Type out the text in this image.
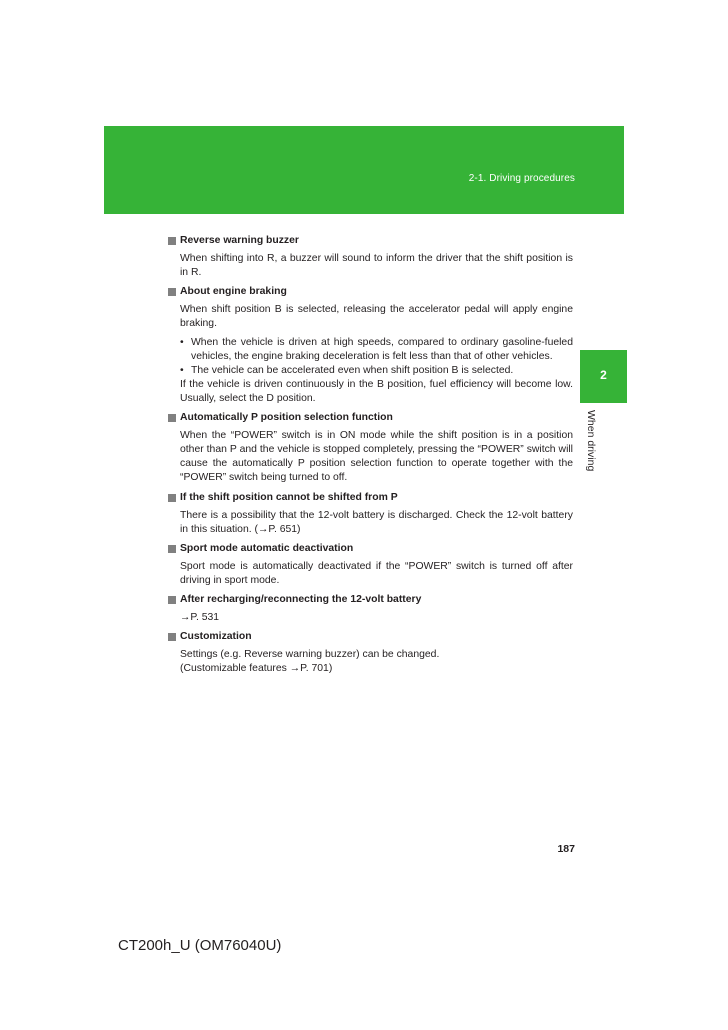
2-1. Driving procedures
2
When driving
Reverse warning buzzer
When shifting into R, a buzzer will sound to inform the driver that the shift position is in R.
About engine braking
When shift position B is selected, releasing the accelerator pedal will apply engine braking.
• When the vehicle is driven at high speeds, compared to ordinary gasoline-fueled vehicles, the engine braking deceleration is felt less than that of other vehicles.
• The vehicle can be accelerated even when shift position B is selected.
If the vehicle is driven continuously in the B position, fuel efficiency will become low. Usually, select the D position.
Automatically P position selection function
When the “POWER” switch is in ON mode while the shift position is in a position other than P and the vehicle is stopped completely, pressing the “POWER” switch will cause the automatically P position selection function to operate together with the “POWER” switch being turned to off.
If the shift position cannot be shifted from P
There is a possibility that the 12-volt battery is discharged. Check the 12-volt battery in this situation. (→P. 651)
Sport mode automatic deactivation
Sport mode is automatically deactivated if the “POWER” switch is turned off after driving in sport mode.
After recharging/reconnecting the 12-volt battery
→P. 531
Customization
Settings (e.g. Reverse warning buzzer) can be changed.
(Customizable features →P. 701)
187
CT200h_U (OM76040U)
